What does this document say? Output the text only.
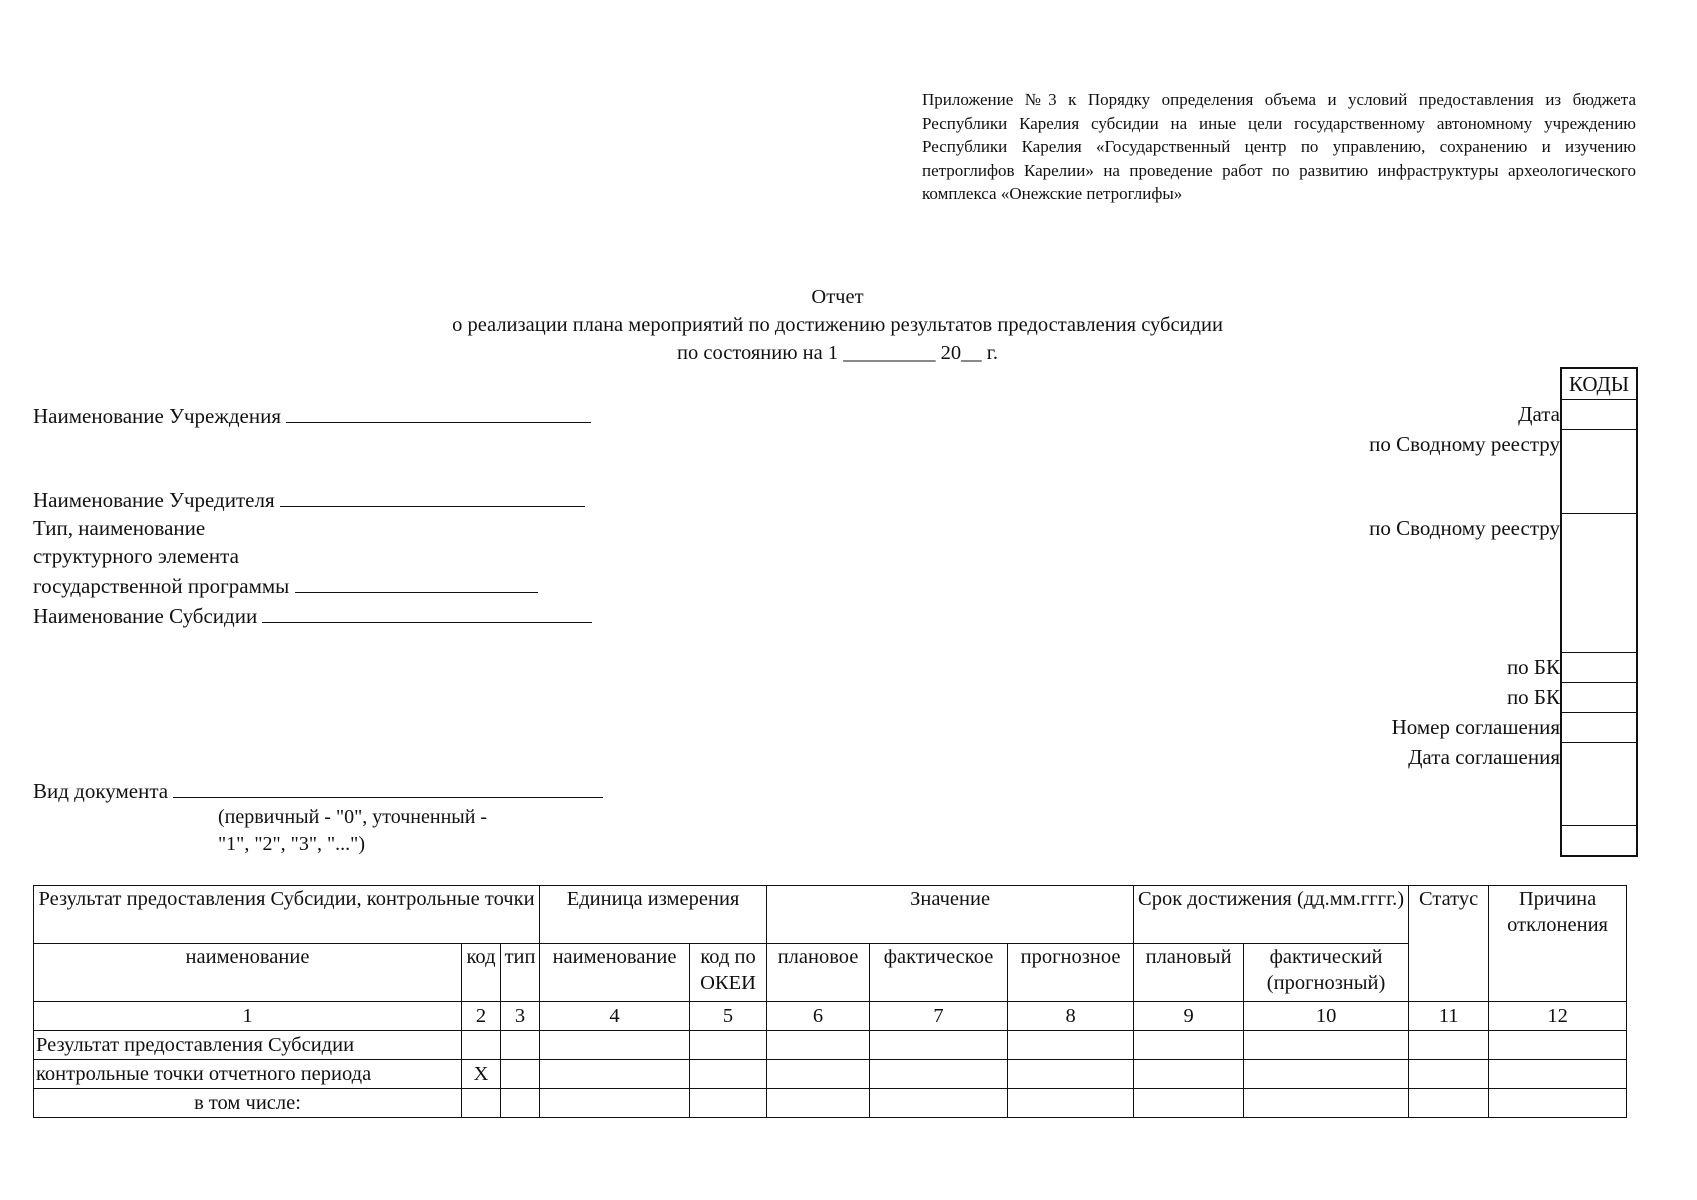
Приложение №3 к Порядку определения объема и условий предоставления из бюджета Республики Карелия субсидии на иные цели государственному автономному учреждению Республики Карелия «Государственный центр по управлению, сохранению и изучению петроглифов Карелии» на проведение работ по развитию инфраструктуры археологического комплекса «Онежские петроглифы»
Отчет
о реализации плана мероприятий по достижению результатов предоставления субсидии
по состоянию на 1 _________ 20__ г.
Наименование Учреждения
Наименование Учредителя
Тип, наименование
структурного элемента
государственной программы
Наименование Субсидии
Вид документа
(первичный - "0", уточненный -
"1", "2", "3", "...")
Дата
по Сводному реестру
по Сводному реестру
по БК
по БК
Номер соглашения
Дата соглашения
КОДЫ
Результат предоставления Субсидии, контрольные точки			Единица измерения		Значение			Срок достижения (дд.мм.гггг.)		Статус	Причина отклонения
наименование	код	тип	наименование	код по ОКЕИ	плановое	фактическое	прогнозное	плановый	фактический (прогнозный)		
1	2	3	4	5	6	7	8	9	10	11	12
Результат предоставления Субсидии											
контрольные точки отчетного периода	X										
в том числе:											
